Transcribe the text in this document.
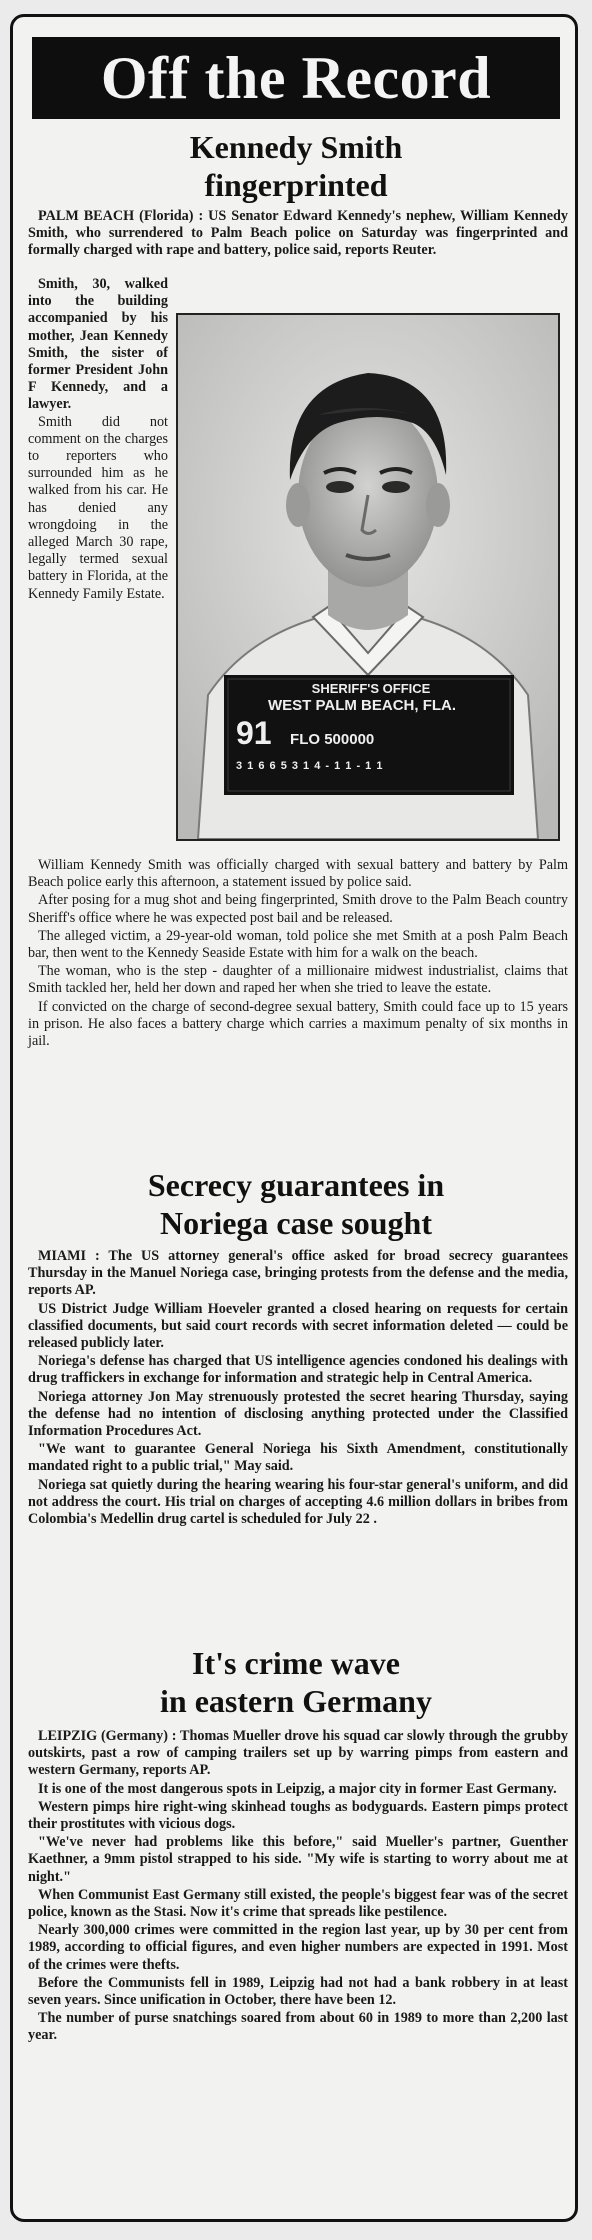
Off the Record
Kennedy Smith
fingerprinted

PALM BEACH (Florida) : US Senator Edward Kennedy's nephew, William Kennedy Smith, who surrendered to Palm Beach police on Saturday was fingerprinted and formally charged with rape and battery, police said, reports Reuter.

Smith, 30, walked into the building accompanied by his mother, Jean Kennedy Smith, the sister of former President John F Kennedy, and a lawyer.

Smith did not comment on the charges to reporters who surrounded him as he walked from his car. He has denied any wrongdoing in the alleged March 30 rape, legally termed sexual battery in Florida, at the Kennedy Family Estate.

SHERIFF'S OFFICE
WEST PALM BEACH, FLA.
91 FLO 500000
3 1 6 6 5 3 1 4 - 1 1 - 1 1

William Kennedy Smith was officially charged with sexual battery and battery by Palm Beach police early this afternoon, a statement issued by police said.

After posing for a mug shot and being fingerprinted, Smith drove to the Palm Beach country Sheriff's office where he was expected post bail and be released.

The alleged victim, a 29-year-old woman, told police she met Smith at a posh Palm Beach bar, then went to the Kennedy Seaside Estate with him for a walk on the beach.

The woman, who is the step - daughter of a millionaire midwest industrialist, claims that Smith tackled her, held her down and raped her when she tried to leave the estate.

If convicted on the charge of second-degree sexual battery, Smith could face up to 15 years in prison. He also faces a battery charge which carries a maximum penalty of six months in jail.

Secrecy guarantees in
Noriega case sought

MIAMI : The US attorney general's office asked for broad secrecy guarantees Thursday in the Manuel Noriega case, bringing protests from the defense and the media, reports AP.

US District Judge William Hoeveler granted a closed hearing on requests for certain classified documents, but said court records with secret information deleted — could be released publicly later.

Noriega's defense has charged that US intelligence agencies condoned his dealings with drug traffickers in exchange for information and strategic help in Central America.

Noriega attorney Jon May strenuously protested the secret hearing Thursday, saying the defense had no intention of disclosing anything protected under the Classified Information Procedures Act.

"We want to guarantee General Noriega his Sixth Amendment, constitutionally mandated right to a public trial," May said.

Noriega sat quietly during the hearing wearing his four-star general's uniform, and did not address the court. His trial on charges of accepting 4.6 million dollars in bribes from Colombia's Medellin drug cartel is scheduled for July 22 .

It's crime wave
in eastern Germany

LEIPZIG (Germany) : Thomas Mueller drove his squad car slowly through the grubby outskirts, past a row of camping trailers set up by warring pimps from eastern and western Germany, reports AP.

It is one of the most dangerous spots in Leipzig, a major city in former East Germany.

Western pimps hire right-wing skinhead toughs as bodyguards. Eastern pimps protect their prostitutes with vicious dogs.

"We've never had problems like this before," said Mueller's partner, Guenther Kaethner, a 9mm pistol strapped to his side. "My wife is starting to worry about me at night."

When Communist East Germany still existed, the people's biggest fear was of the secret police, known as the Stasi. Now it's crime that spreads like pestilence.

Nearly 300,000 crimes were committed in the region last year, up by 30 per cent from 1989, according to official figures, and even higher numbers are expected in 1991. Most of the crimes were thefts.

Before the Communists fell in 1989, Leipzig had not had a bank robbery in at least seven years. Since unification in October, there have been 12.

The number of purse snatchings soared from about 60 in 1989 to more than 2,200 last year.
